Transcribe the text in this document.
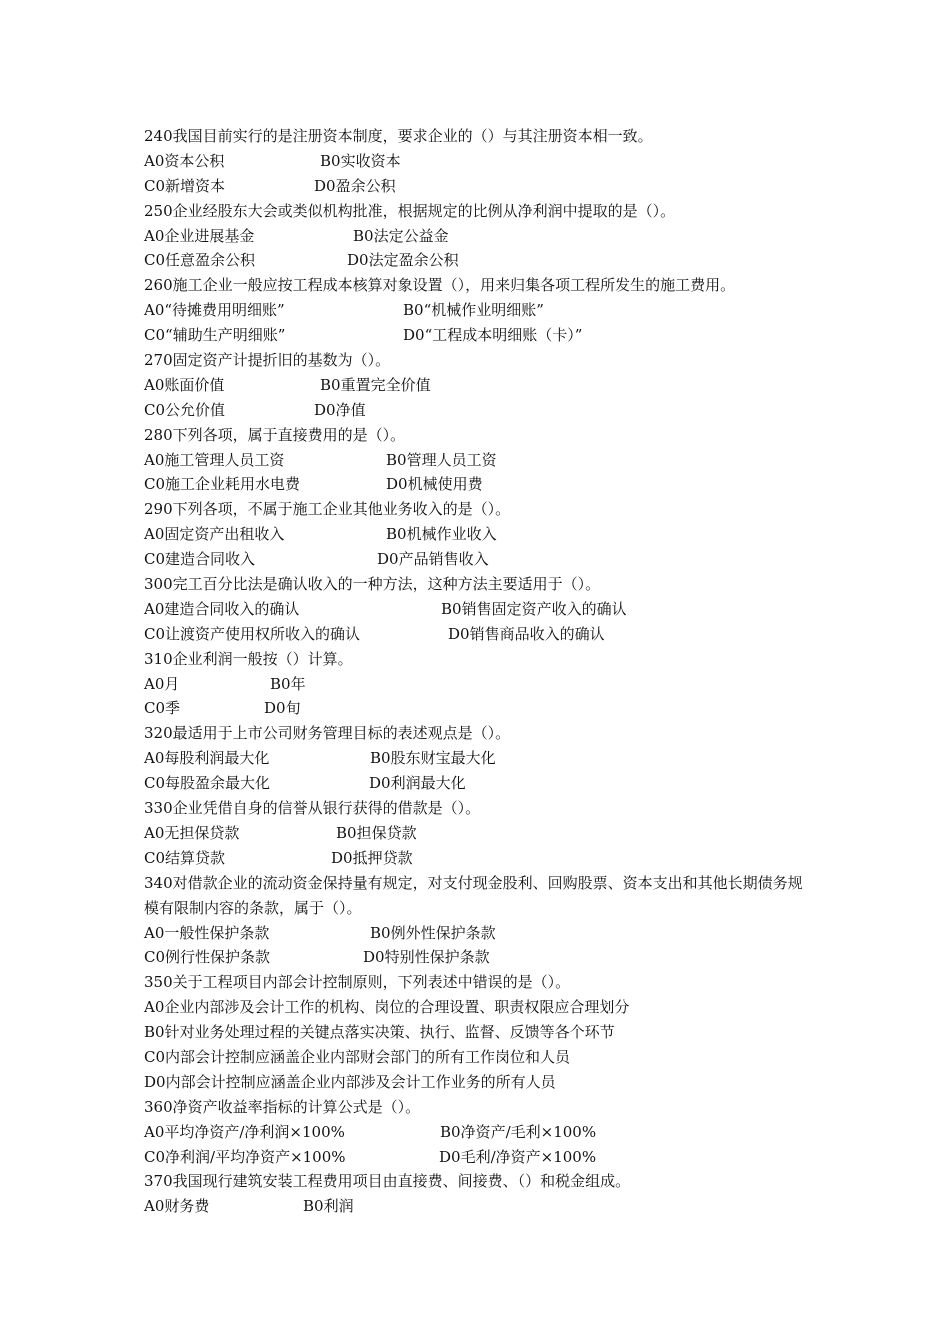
240我国目前实行的是注册资本制度，要求企业的（）与其注册资本相一致。
A0资本公积	B0实收资本
C0新增资本	D0盈余公积
250企业经股东大会或类似机构批准，根据规定的比例从净利润中提取的是（）。
A0企业进展基金	B0法定公益金
C0任意盈余公积	D0法定盈余公积
260施工企业一般应按工程成本核算对象设置（），用来归集各项工程所发生的施工费用。
A0“待摊费用明细账”	B0“机械作业明细账”
C0“辅助生产明细账”	D0“工程成本明细账（卡）”
270固定资产计提折旧的基数为（）。
A0账面价值	B0重置完全价值
C0公允价值	D0净值
280下列各项，属于直接费用的是（）。
A0施工管理人员工资	B0管理人员工资
C0施工企业耗用水电费	D0机械使用费
290下列各项，不属于施工企业其他业务收入的是（）。
A0固定资产出租收入	B0机械作业收入
C0建造合同收入	D0产品销售收入
300完工百分比法是确认收入的一种方法，这种方法主要适用于（）。
A0建造合同收入的确认	B0销售固定资产收入的确认
C0让渡资产使用权所收入的确认	D0销售商品收入的确认
310企业利润一般按（）计算。
A0月	B0年
C0季	D0旬
320最适用于上市公司财务管理目标的表述观点是（）。
A0每股利润最大化	B0股东财宝最大化
C0每股盈余最大化	D0利润最大化
330企业凭借自身的信誉从银行获得的借款是（）。
A0无担保贷款	B0担保贷款
C0结算贷款	D0抵押贷款
340对借款企业的流动资金保持量有规定，对支付现金股利、回购股票、资本支出和其他长期债务规模有限制内容的条款，属于（）。
A0一般性保护条款	B0例外性保护条款
C0例行性保护条款	D0特别性保护条款
350关于工程项目内部会计控制原则，下列表述中错误的是（）。
A0企业内部涉及会计工作的机构、岗位的合理设置、职责权限应合理划分
B0针对业务处理过程的关键点落实决策、执行、监督、反馈等各个环节
C0内部会计控制应涵盖企业内部财会部门的所有工作岗位和人员
D0内部会计控制应涵盖企业内部涉及会计工作业务的所有人员
360净资产收益率指标的计算公式是（）。
A0平均净资产/净利润×100%	B0净资产/毛利×100%
C0净利润/平均净资产×100%	D0毛利/净资产×100%
370我国现行建筑安装工程费用项目由直接费、间接费、（）和税金组成。
A0财务费	B0利润
